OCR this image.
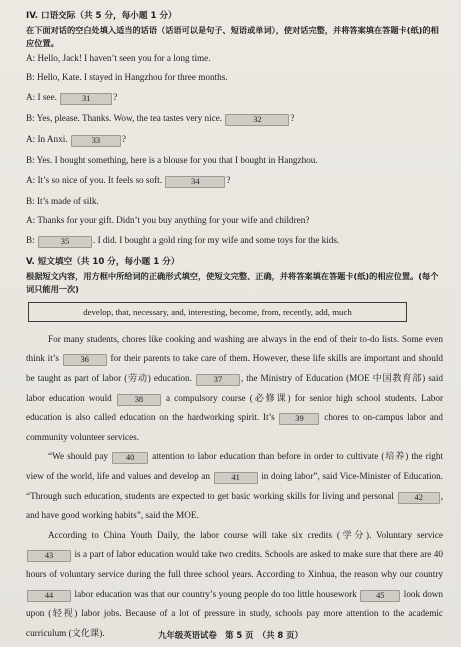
IV. 口语交际（共 5 分，每小题 1 分）

在下面对话的空白处填入适当的话语（话语可以是句子、短语或单词），使对话完整，并将答案填在答题卡(纸)的相应位置。

A: Hello, Jack! I haven’t seen you for a long time.

B: Hello, Kate. I stayed in Hangzhou for three months.

A: I see.	31 ?

B: Yes, please. Thanks. Wow, the tea tastes very nice.	32	?

A: In Anxi.	33 ?

B: Yes. I bought something, here is a blouse for you that I bought in Hangzhou.

A: It’s so nice of you. It feels so soft.	34	?

B: It’s made of silk.

A: Thanks for your gift. Didn’t you buy anything for your wife and children?

B:	35	. I did. I bought a gold ring for my wife and some toys for the kids.

V. 短文填空（共 10 分，每小题 1 分）

根据短文内容，用方框中所给词的正确形式填空，使短文完整、正确，并将答案填在答题卡(纸)的相应位置。(每个词只能用一次)

develop, that, necessary, and, interesting, become, from, recently, add, much

For many students, chores like cooking and washing are always in the end of their to-do lists. Some even think it’s	36 for their parents to take care of them. However, these life skills are important and should be taught as part of labor (劳动) education.	37 , the Ministry of Education (MOE 中国教育部) said labor education would	38 a compulsory course (必修课) for senior high school students. Labor education is also called education on the hardworking spirit. It’s 39 chores to on-campus labor and community volunteer services.

“We should pay 40 attention to labor education than before in order to cultivate (培养) the right view of the world, life and values and develop an	41 in doing labor”, said Vice-Minister of Education. “Through such education, students are expected to get basic working skills for living and personal 42 , and have good working habits”, said the MOE.

According to China Youth Daily, the labor course will take six credits (学分). Voluntary service 43 is a part of labor education would take two credits. Schools are asked to make sure that there are 40 hours of voluntary service during the full three school years. According to Xinhua, the reason why our country 44 labor education was that our country’s young people do too little housework 45 look down upon (轻视) labor jobs. Because of a lot of pressure in study, schools pay more attention to the academic curriculum (文化课).	九年级英语试卷　第 5 页　（共 8 页）
